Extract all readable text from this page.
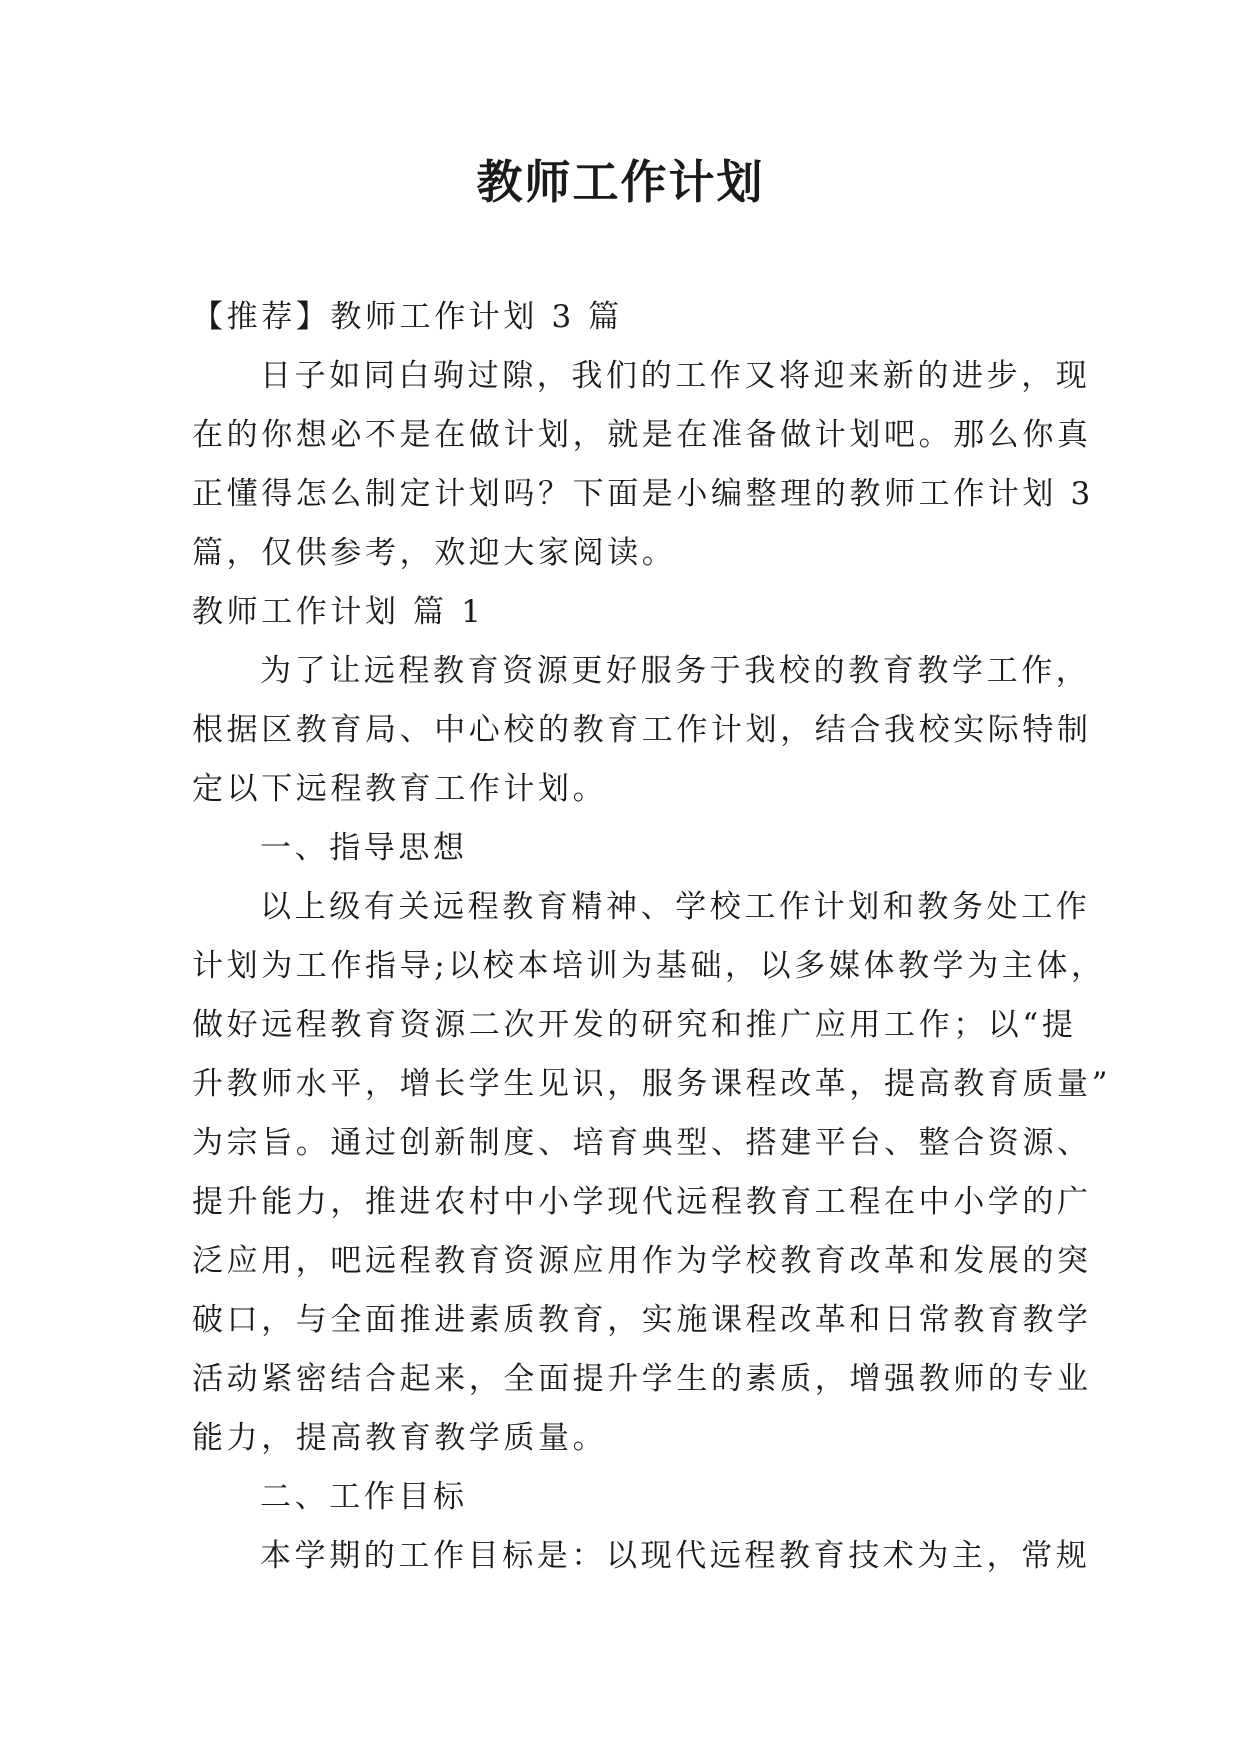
教师工作计划

【推荐】教师工作计划 3 篇

日子如同白驹过隙，我们的工作又将迎来新的进步，现

在的你想必不是在做计划，就是在准备做计划吧。那么你真

正懂得怎么制定计划吗？下面是小编整理的教师工作计划 3

篇，仅供参考，欢迎大家阅读。

教师工作计划 篇 1

为了让远程教育资源更好服务于我校的教育教学工作，

根据区教育局、中心校的教育工作计划，结合我校实际特制

定以下远程教育工作计划。

一、指导思想

以上级有关远程教育精神、学校工作计划和教务处工作

计划为工作指导;以校本培训为基础，以多媒体教学为主体，

做好远程教育资源二次开发的研究和推广应用工作；以“提

升教师水平，增长学生见识，服务课程改革，提高教育质量”

为宗旨。通过创新制度、培育典型、搭建平台、整合资源、

提升能力，推进农村中小学现代远程教育工程在中小学的广

泛应用，吧远程教育资源应用作为学校教育改革和发展的突

破口，与全面推进素质教育，实施课程改革和日常教育教学

活动紧密结合起来，全面提升学生的素质，增强教师的专业

能力，提高教育教学质量。

二、工作目标

本学期的工作目标是：以现代远程教育技术为主，常规
